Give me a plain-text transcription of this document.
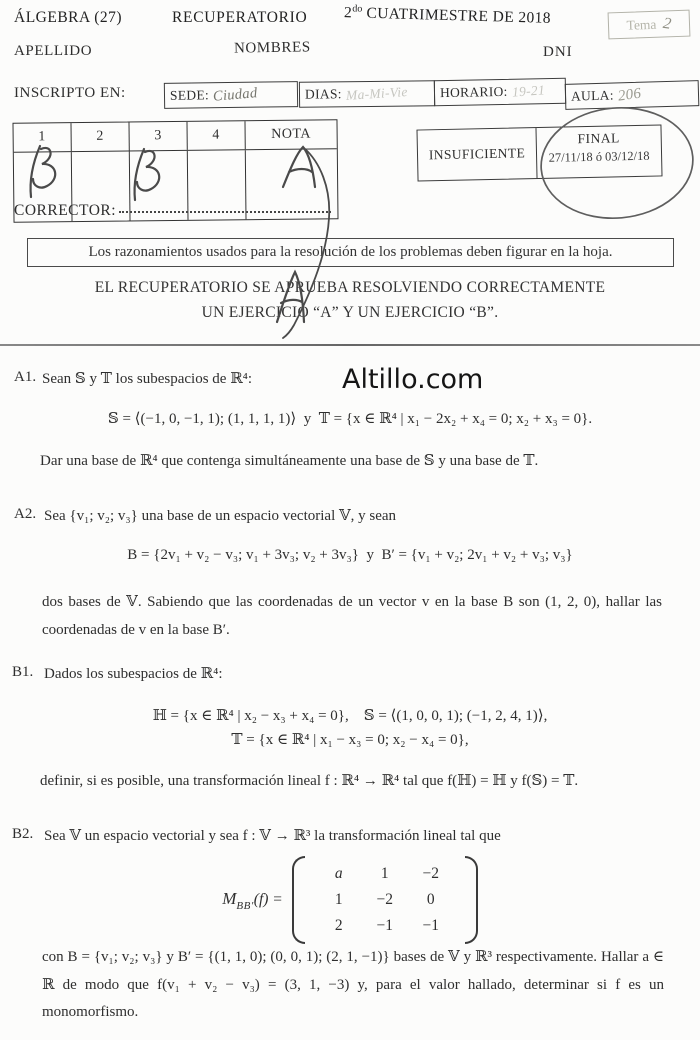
ÁLGEBRA (27)	RECUPERATORIO $2^{do}$ CUATRIMESTRE DE 2018	Tema 2
APELLIDO	NOMBRES	DNI
INSCRIPTO EN:	SEDE: Ciudad	DIAS: Ma-Mi-Vie HORARIO: 19-21 AULA: 206
1	2	3	4	NOTA
INSUFICIENTE
FINAL
27/11/18 ó 03/12/18
CORRECTOR:
Los razonamientos usados para la resolución de los problemas deben figurar en la hoja.
EL RECUPERATORIO SE APRUEBA RESOLVIENDO CORRECTAMENTE
UN EJERCICIO “A” Y UN EJERCICIO “B”.
A1. Sean 𝕊 y 𝕋 los subespacios de ℝ⁴:	Altillo.com
𝕊 = ⟨(−1, 0, −1, 1); (1, 1, 1, 1)⟩  y  𝕋 = {x ∈ ℝ⁴ | x₁ − 2x₂ + x₄ = 0; x₂ + x₃ = 0}.
Dar una base de ℝ⁴ que contenga simultáneamente una base de 𝕊 y una base de 𝕋.
A2. Sea {v₁; v₂; v₃} una base de un espacio vectorial 𝕍, y sean
B = {2v₁ + v₂ − v₃; v₁ + 3v₃; v₂ + 3v₃}  y  B′ = {v₁ + v₂; 2v₁ + v₂ + v₃; v₃}
dos bases de 𝕍. Sabiendo que las coordenadas de un vector v en la base B son (1, 2, 0), hallar las coordenadas de v en la base B′.
B1. Dados los subespacios de ℝ⁴:
ℍ = {x ∈ ℝ⁴ | x₂ − x₃ + x₄ = 0},    𝕊 = ⟨(1, 0, 0, 1); (−1, 2, 4, 1)⟩,
𝕋 = {x ∈ ℝ⁴ | x₁ − x₃ = 0; x₂ − x₄ = 0},
definir, si es posible, una transformación lineal f : ℝ⁴ → ℝ⁴ tal que f(ℍ) = ℍ y f(𝕊) = 𝕋.
B2. Sea 𝕍 un espacio vectorial y sea f : 𝕍 → ℝ³ la transformación lineal tal que
$M_{BB'}(f)$ =
a	1	−2
1	−2	0
2	−1	−1
con B = {v₁; v₂; v₃} y B′ = {(1, 1, 0); (0, 0, 1); (2, 1, −1)} bases de 𝕍 y ℝ³ respectivamente. Hallar a ∈ ℝ de modo que f(v₁ + v₂ − v₃) = (3, 1, −3) y, para el valor hallado, determinar si f es un monomorfismo.
